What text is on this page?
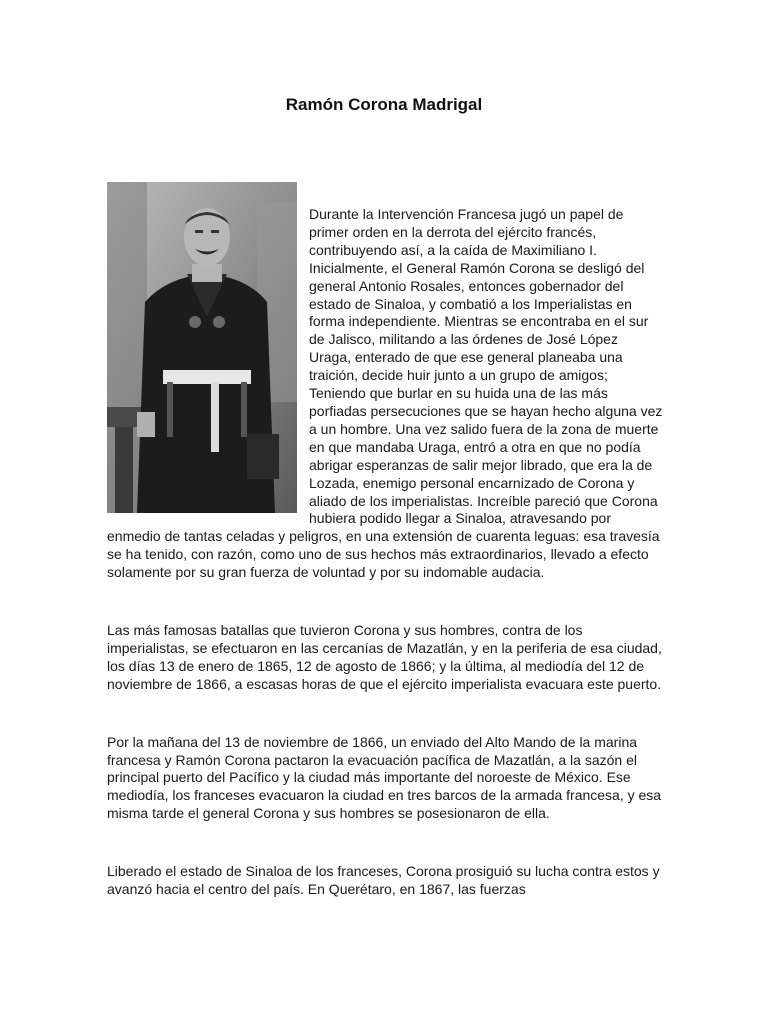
Ramón Corona Madrigal

Durante la Intervención Francesa jugó un papel de primer orden en la derrota del ejército francés, contribuyendo así, a la caída de Maximiliano I. Inicialmente, el General Ramón Corona se desligó del general Antonio Rosales, entonces gobernador del estado de Sinaloa, y combatió a los Imperialistas en forma independiente. Mientras se encontraba en el sur de Jalisco, militando a las órdenes de José López Uraga, enterado de que ese general planeaba una traición, decide huir junto a un grupo de amigos; Teniendo que burlar en su huida una de las más porfiadas persecuciones que se hayan hecho alguna vez a un hombre. Una vez salido fuera de la zona de muerte en que mandaba Uraga, entró a otra en que no podía abrigar esperanzas de salir mejor librado, que era la de Lozada, enemigo personal encarnizado de Corona y aliado de los imperialistas. Increíble pareció que Corona hubiera podido llegar a Sinaloa, atravesando por enmedio de tantas celadas y peligros, en una extensión de cuarenta leguas: esa travesía se ha tenido, con razón, como uno de sus hechos más extraordinarios, llevado a efecto solamente por su gran fuerza de voluntad y por su indomable audacia.

Las más famosas batallas que tuvieron Corona y sus hombres, contra de los imperialistas, se efectuaron en las cercanías de Mazatlán, y en la periferia de esa ciudad, los días 13 de enero de 1865, 12 de agosto de 1866; y la última, al mediodía del 12 de noviembre de 1866, a escasas horas de que el ejército imperialista evacuara este puerto.

Por la mañana del 13 de noviembre de 1866, un enviado del Alto Mando de la marina francesa y Ramón Corona pactaron la evacuación pacífica de Mazatlán, a la sazón el principal puerto del Pacífico y la ciudad más importante del noroeste de México. Ese mediodía, los franceses evacuaron la ciudad en tres barcos de la armada francesa, y esa misma tarde el general Corona y sus hombres se posesionaron de ella.

Liberado el estado de Sinaloa de los franceses, Corona prosiguió su lucha contra estos y avanzó hacia el centro del país. En Querétaro, en 1867, las fuerzas
